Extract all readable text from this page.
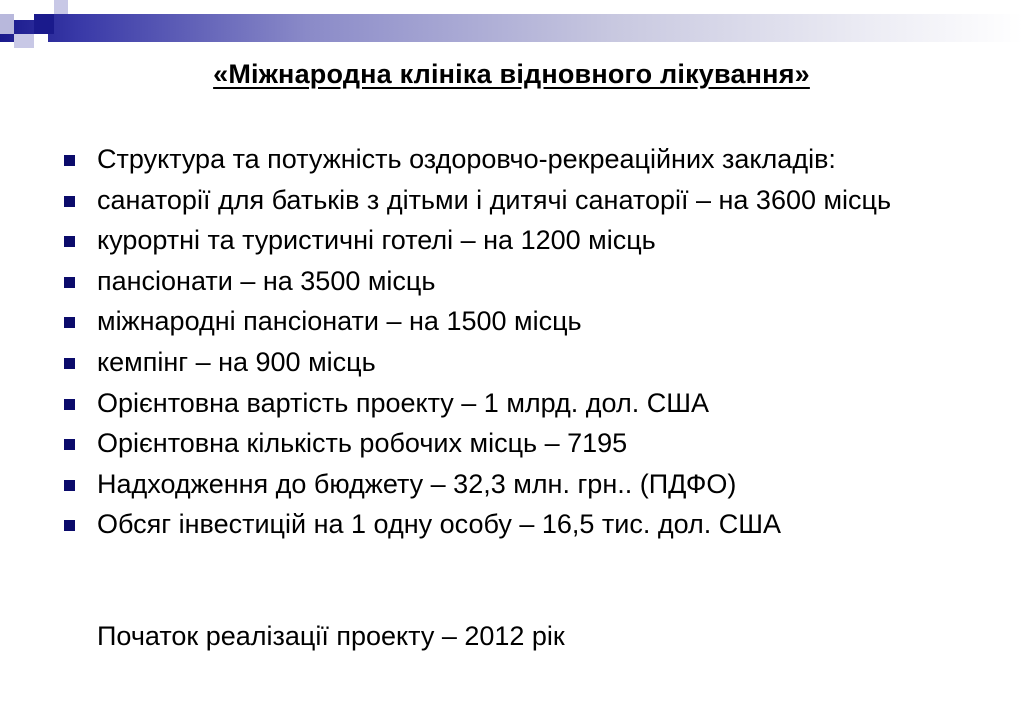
«Міжнародна клініка відновного лікування»
Структура та потужність оздоровчо-рекреаційних закладів:
санаторії для батьків з дітьми і дитячі санаторії – на 3600 місць
курортні та туристичні готелі – на 1200 місць
пансіонати – на 3500 місць
міжнародні пансіонати – на 1500 місць
кемпінг – на 900 місць
Орієнтовна вартість проекту – 1 млрд. дол. США
Орієнтовна кількість робочих місць – 7195
Надходження до бюджету – 32,3 млн. грн.. (ПДФО)
Обсяг інвестицій на 1 одну особу – 16,5 тис. дол. США
Початок реалізації проекту – 2012 рік
